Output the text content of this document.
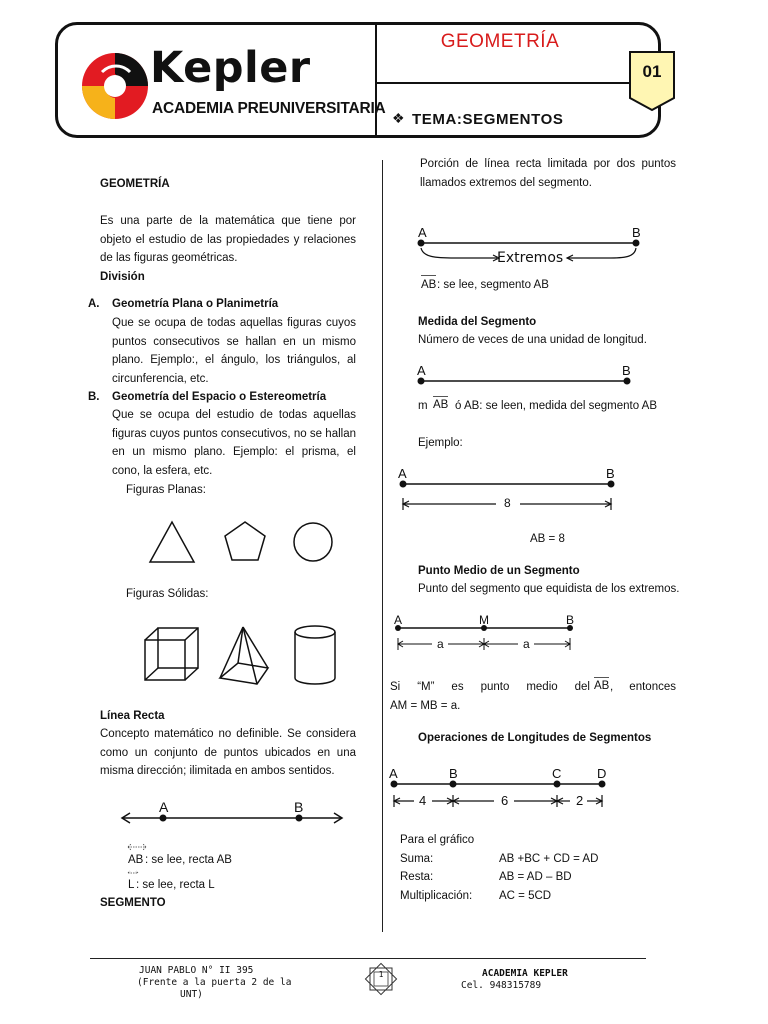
Kepler
ACADEMIA PREUNIVERSITARIA
GEOMETRÍA
01
❖ TEMA:SEGMENTOS
GEOMETRÍA
Es una parte de la matemática que tiene por objeto el estudio de las propiedades y relaciones de las figuras geométricas.
División
A. Geometría Plana o Planimetría
Que se ocupa de todas aquellas figuras cuyos puntos consecutivos se hallan en un mismo plano. Ejemplo:, el ángulo, los triángulos, al circunferencia, etc.
B. Geometría del Espacio o Estereometría
Que se ocupa del estudio de todas aquellas figuras cuyos puntos consecutivos, no se hallan en un mismo plano. Ejemplo: el prisma, el cono, la esfera, etc.
Figuras Planas:
Figuras Sólidas:
Línea Recta
Concepto matemático no definible. Se considera como un conjunto de puntos ubicados en una misma dirección; ilimitada en ambos sentidos.
A	B
AB : se lee, recta AB
L : se lee, recta L
SEGMENTO
Porción de línea recta limitada por dos puntos llamados extremos del segmento.
A	B
Extremos
AB : se lee, segmento AB
Medida del Segmento
Número de veces de una unidad de longitud.
A	B
m AB ó AB: se leen, medida del segmento AB
Ejemplo:
A	B
8
AB = 8
Punto Medio de un Segmento
Punto del segmento que equidista de los extremos.
A	M	B
a	a
Si “M” es punto medio del AB , entonces
AM = MB = a.
Operaciones de Longitudes de Segmentos
A	B	C	D
4	6	2
Para el gráfico
Suma:	AB +BC + CD = AD
Resta:	AB = AD – BD
Multiplicación: AC = 5CD
JUAN PABLO N° II 395
(Frente a la puerta 2 de la
UNT)
1	ACADEMIA KEPLER
Cel. 948315789
